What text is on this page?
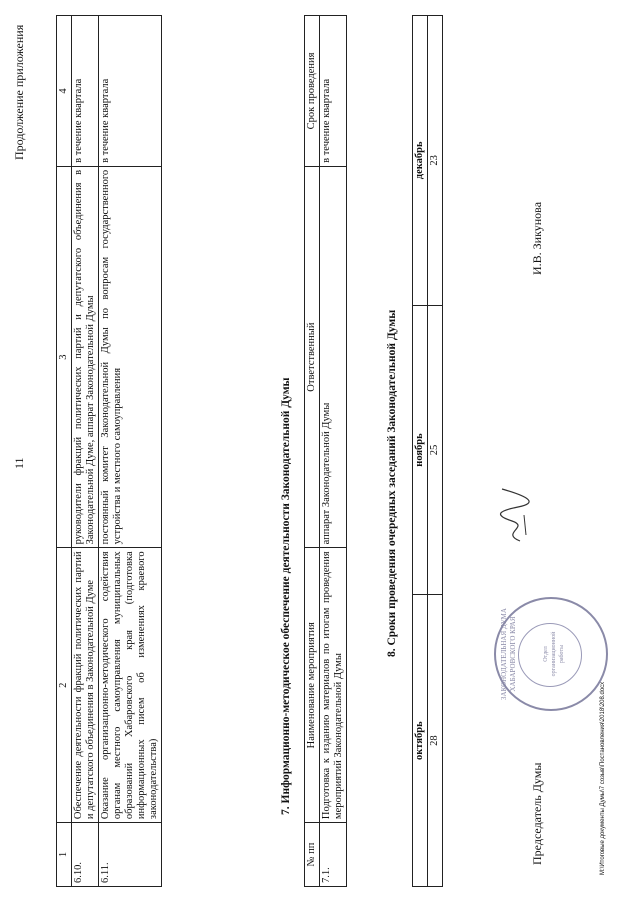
11
Продолжение приложения
1	2	3	4
6.10.	Обеспечение деятельности фракций политических партий и депутатского объединения в Законодательной Думе	руководители фракций политических партий и депутатского объединения в Законодательной Думе, аппарат Законодательной Думы	в течение квартала
6.11.	Оказание организационно-методического содействия органам местного самоуправления муниципальных образований Хабаровского края (подготовка информационных писем об изменениях краевого законодательства)	постоянный комитет Законодательной Думы по вопросам государственного устройства и местного самоуправления	в течение квартала
7. Информационно-методическое обеспечение деятельности Законодательной Думы
№ пп	Наименование мероприятия	Ответственный	Срок проведения
7.1.	Подготовка к изданию материалов по итогам проведения мероприятий Законодательной Думы	аппарат Законодательной Думы	в течение квартала
8. Сроки проведения очередных заседаний Законодательной Думы
октябрь	ноябрь	декабрь
28	25	23
Председатель Думы
И.В. Зикунова
ЗАКОНОДАТЕЛЬНАЯ ДУМА ХАБАРОВСКОГО КРАЯ	Отдел организационной работы
M:\Итоговые документы Думы\7 созыв\Постановления\2018\208.docx
